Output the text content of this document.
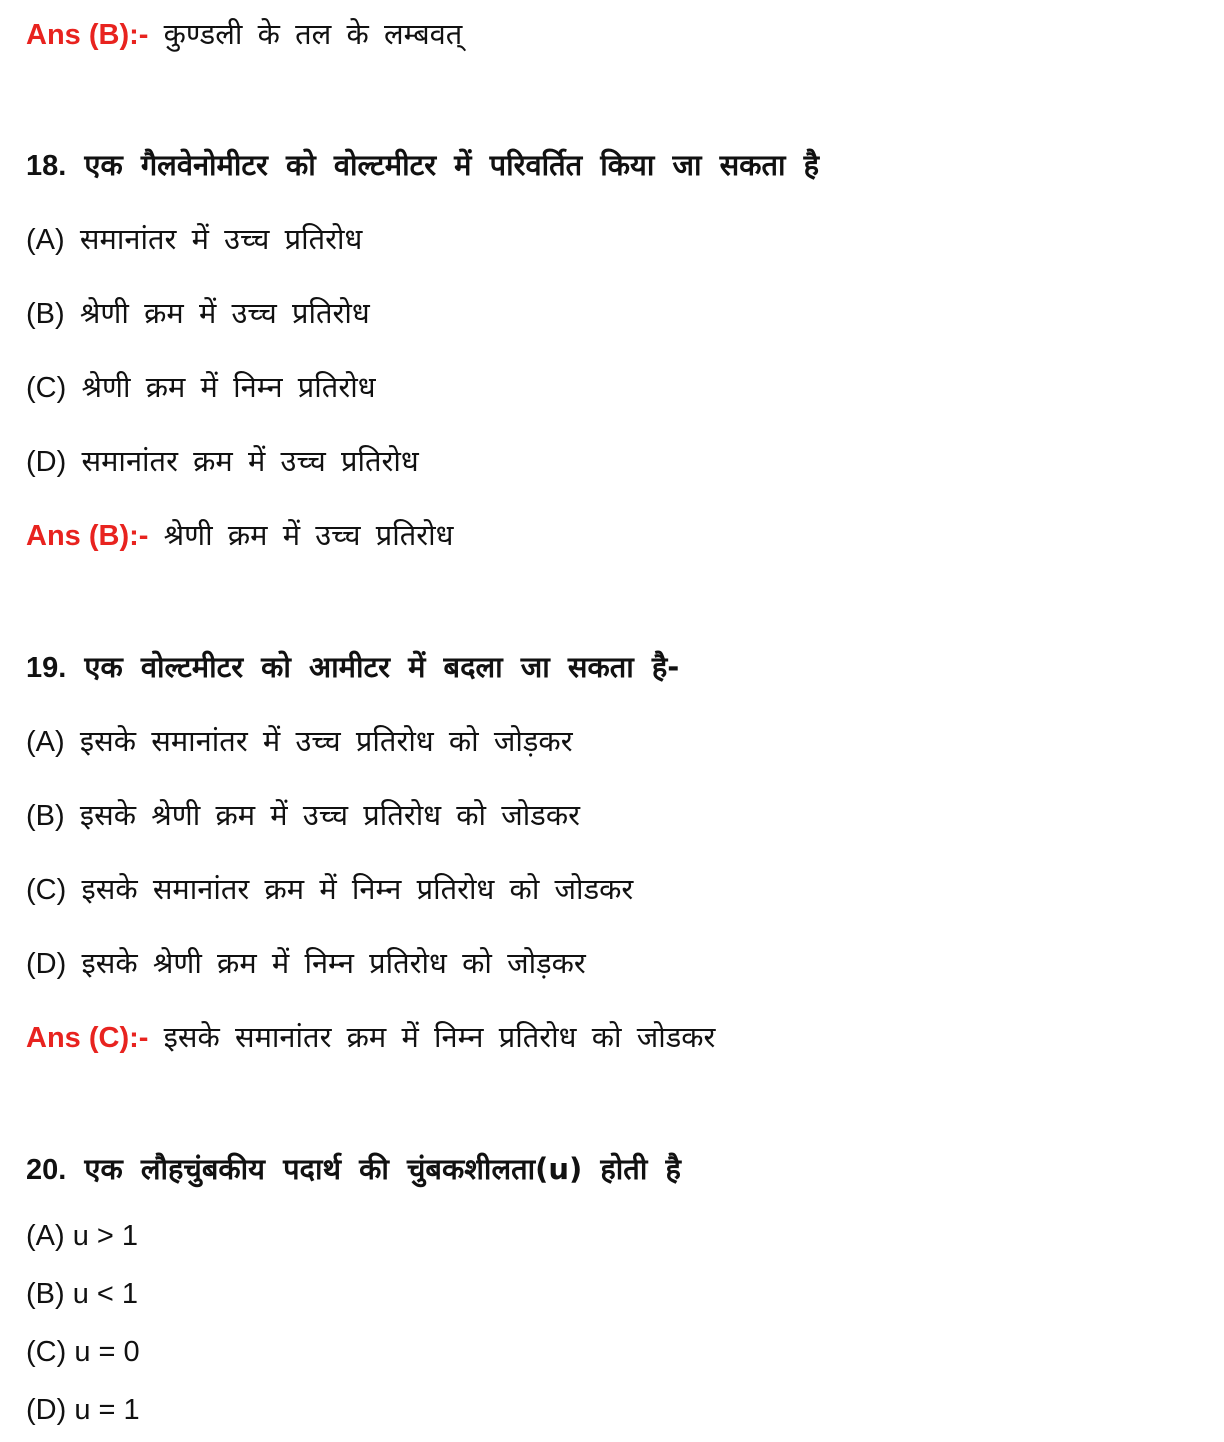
Ans (B):- कुण्डली के तल के लम्बवत्
18. एक गैलवेनोमीटर को वोल्टमीटर में परिवर्तित किया जा सकता है
(A) समानांतर में उच्च प्रतिरोध
(B) श्रेणी क्रम में उच्च प्रतिरोध
(C) श्रेणी क्रम में निम्न प्रतिरोध
(D) समानांतर क्रम में उच्च प्रतिरोध
Ans (B):- श्रेणी क्रम में उच्च प्रतिरोध
19. एक वोल्टमीटर को आमीटर में बदला जा सकता है-
(A) इसके समानांतर में उच्च प्रतिरोध को जोड़कर
(B) इसके श्रेणी क्रम में उच्च प्रतिरोध को जोडकर
(C) इसके समानांतर क्रम में निम्न प्रतिरोध को जोडकर
(D) इसके श्रेणी क्रम में निम्न प्रतिरोध को जोड़कर
Ans (C):- इसके समानांतर क्रम में निम्न प्रतिरोध को जोडकर
20. एक लौहचुंबकीय पदार्थ की चुंबकशीलता(u) होती है
(A) u > 1
(B) u < 1
(C) u = 0
(D) u = 1
